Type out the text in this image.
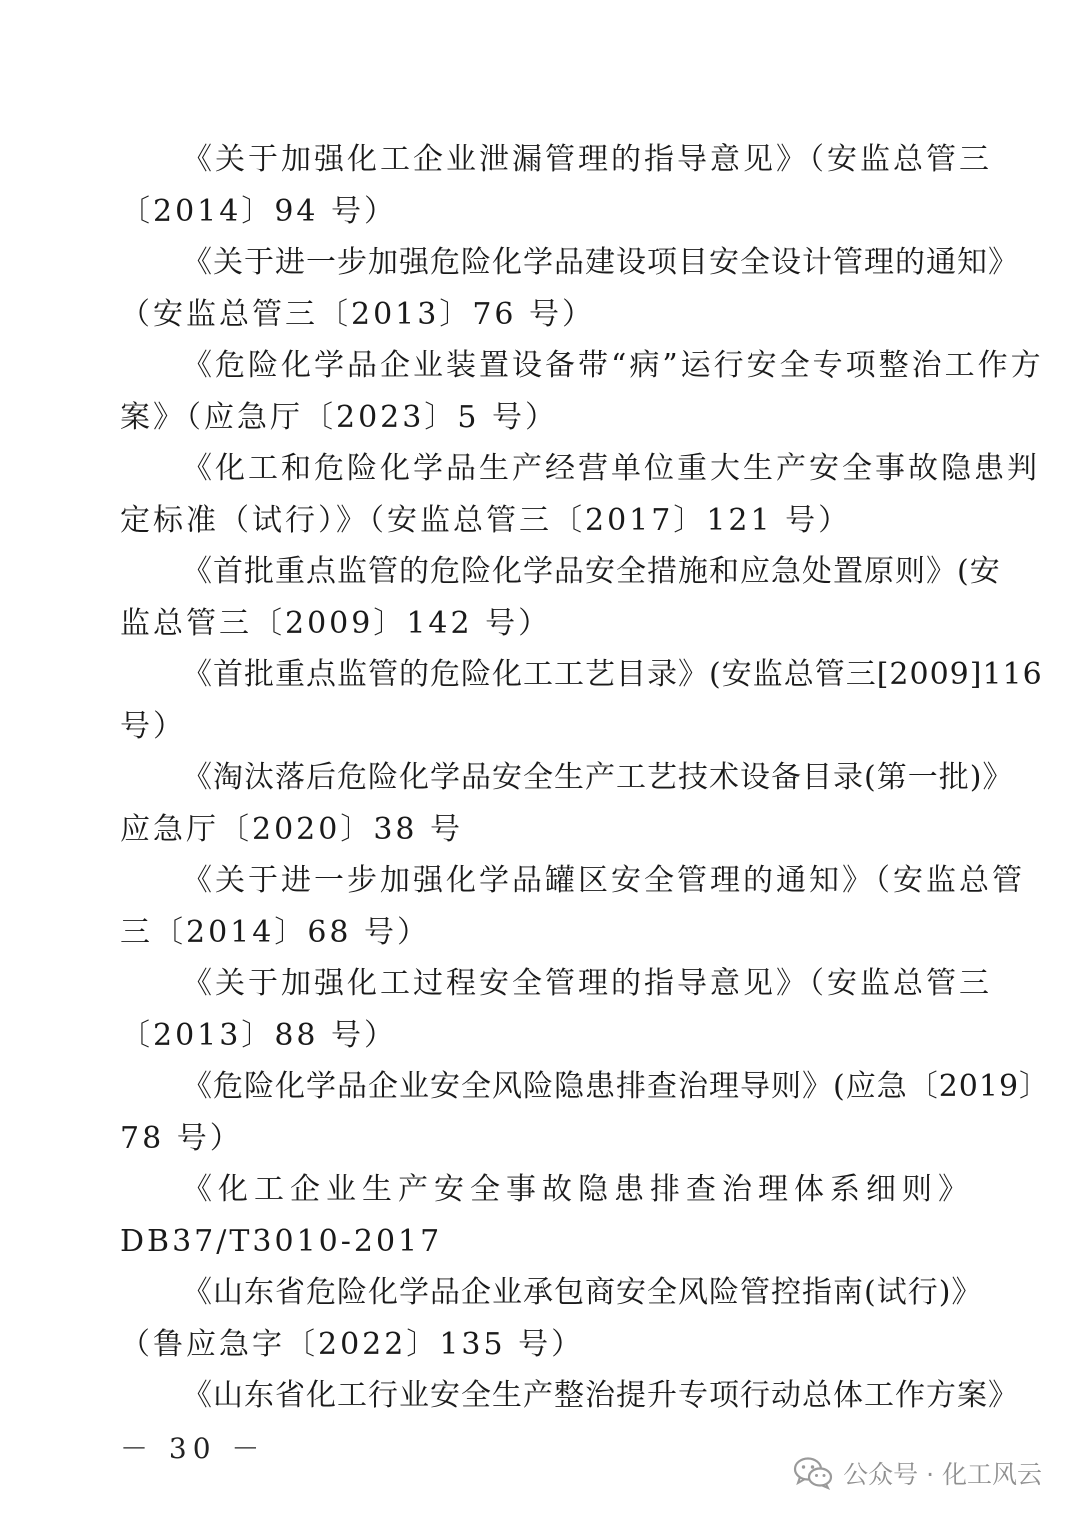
《关于加强化工企业泄漏管理的指导意见》（安监总管三
〔2014〕94 号）
《关于进一步加强危险化学品建设项目安全设计管理的通知》
（安监总管三〔2013〕76 号）
《危险化学品企业装置设备带“病”运行安全专项整治工作方
案》（应急厅〔2023〕5 号）
《化工和危险化学品生产经营单位重大生产安全事故隐患判
定标准（试行）》（安监总管三〔2017〕121 号）
《首批重点监管的危险化学品安全措施和应急处置原则》(安
监总管三〔2009〕142 号）
《首批重点监管的危险化工工艺目录》(安监总管三[2009]116
号）
《淘汰落后危险化学品安全生产工艺技术设备目录(第一批)》
应急厅〔2020〕38 号
《关于进一步加强化学品罐区安全管理的通知》（安监总管
三〔2014〕68 号）
《关于加强化工过程安全管理的指导意见》（安监总管三
〔2013〕88 号）
《危险化学品企业安全风险隐患排查治理导则》(应急〔2019〕
78 号）
《化工企业生产安全事故隐患排查治理体系细则》
DB37/T3010-2017
《山东省危险化学品企业承包商安全风险管控指南(试行)》
（鲁应急字〔2022〕135 号）
《山东省化工行业安全生产整治提升专项行动总体工作方案》
－ 30 －
公众号 · 化工风云
